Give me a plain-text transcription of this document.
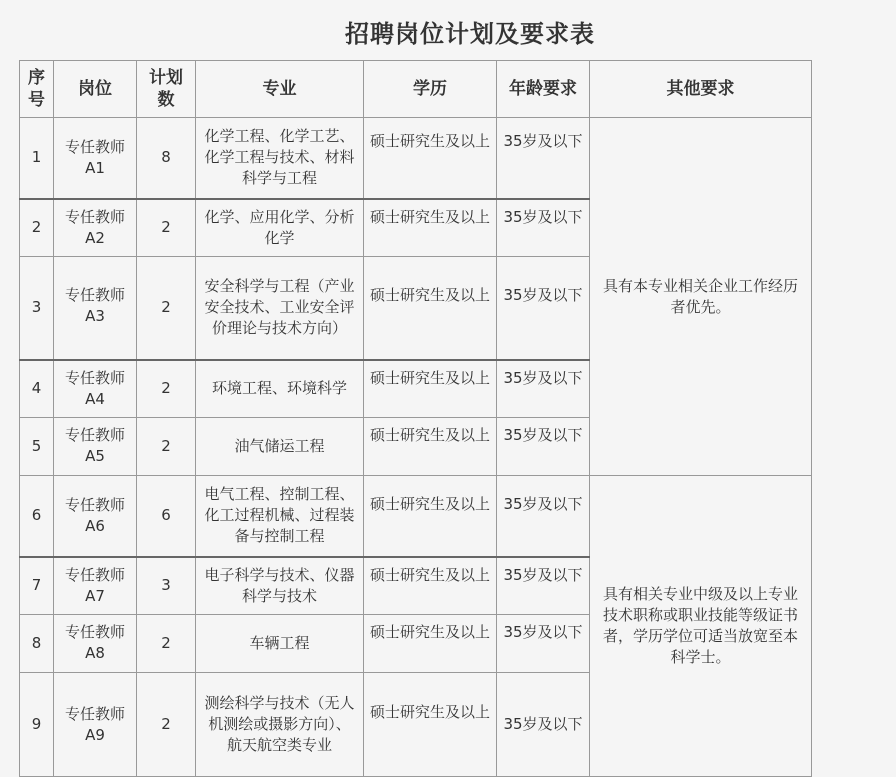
招聘岗位计划及要求表
序号	岗位	计划数	专业	学历	年龄要求	其他要求
1	专任教师A1	8	化学工程、化学工艺、化学工程与技术、材料科学与工程	硕士研究生及以上	35岁及以下	具有本专业相关企业工作经历者优先。
2	专任教师A2	2	化学、应用化学、分析化学	硕士研究生及以上	35岁及以下	
3	专任教师A3	2	安全科学与工程（产业安全技术、工业安全评价理论与技术方向）	硕士研究生及以上	35岁及以下	
4	专任教师A4	2	环境工程、环境科学	硕士研究生及以上	35岁及以下	
5	专任教师A5	2	油气储运工程	硕士研究生及以上	35岁及以下	
6	专任教师A6	6	电气工程、控制工程、化工过程机械、过程装备与控制工程	硕士研究生及以上	35岁及以下	具有相关专业中级及以上专业技术职称或职业技能等级证书者，学历学位可适当放宽至本科学士。
7	专任教师A7	3	电子科学与技术、仪器科学与技术	硕士研究生及以上	35岁及以下	
8	专任教师A8	2	车辆工程	硕士研究生及以上	35岁及以下	
9	专任教师A9	2	测绘科学与技术（无人机测绘或摄影方向）、航天航空类专业	硕士研究生及以上	35岁及以下	
